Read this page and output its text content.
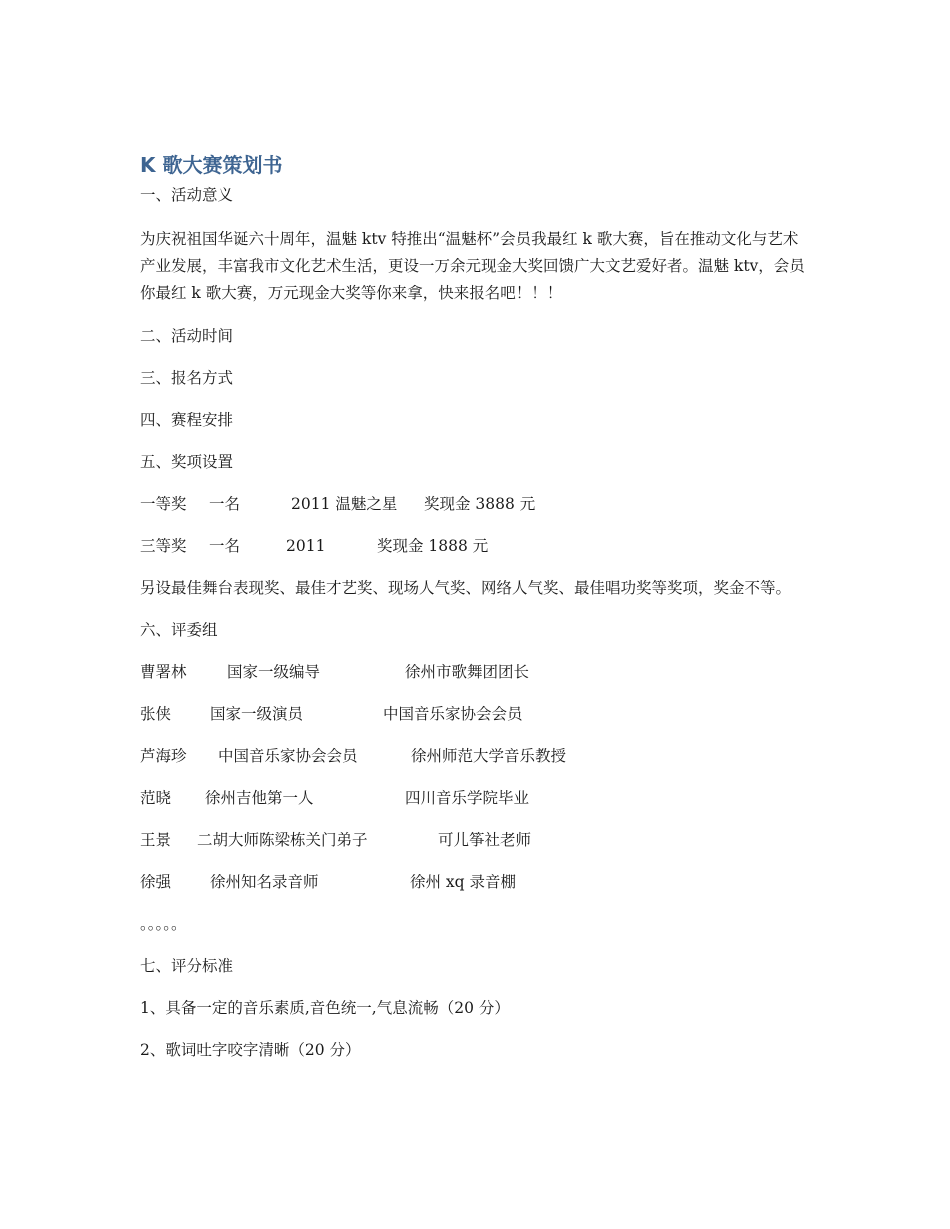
K 歌大赛策划书

一、活动意义

为庆祝祖国华诞六十周年，温魅 ktv 特推出“温魅杯”会员我最红 k 歌大赛，旨在推动文化与艺术产业发展，丰富我市文化艺术生活，更设一万余元现金大奖回馈广大文艺爱好者。温魅 ktv，会员你最红 k 歌大赛，万元现金大奖等你来拿，快来报名吧！！！

二、活动时间

三、报名方式

四、赛程安排

五、奖项设置

一等奖	一名	2011 温魅之星	奖现金 3888 元
三等奖	一名	2011	奖现金 1888 元

另设最佳舞台表现奖、最佳才艺奖、现场人气奖、网络人气奖、最佳唱功奖等奖项，奖金不等。

六、评委组

曹署林	国家一级编导	徐州市歌舞团团长
张侠	国家一级演员	中国音乐家协会会员
芦海珍	中国音乐家协会会员	徐州师范大学音乐教授
范晓	徐州吉他第一人	四川音乐学院毕业
王景	二胡大师陈梁栋关门弟子	可儿筝社老师
徐强	徐州知名录音师	徐州 xq 录音棚

。。。。。

七、评分标准

1、具备一定的音乐素质,音色统一,气息流畅（20 分）

2、歌词吐字咬字清晰（20 分）
